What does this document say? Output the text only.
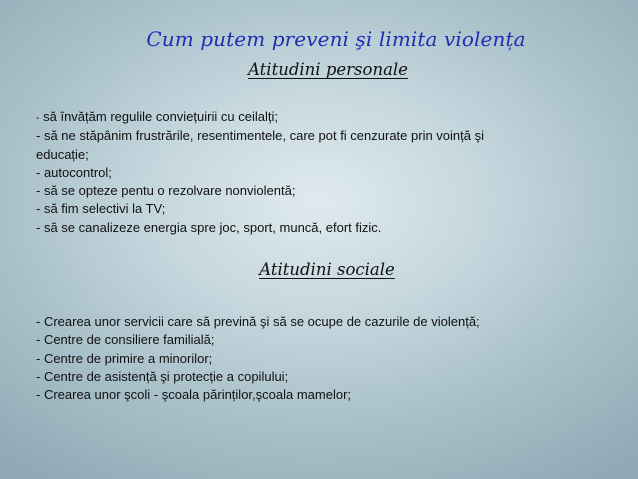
Cum putem preveni şi limita violența
Atitudini personale
- să învățăm regulile conviețuirii cu ceilalți;
- să ne stăpânim frustrările, resentimentele, care pot fi cenzurate prin voință şi
educație;
- autocontrol;
- să se opteze pentu o rezolvare nonviolentă;
- să fim selectivi la TV;
- să se canalizeze energia spre joc, sport, muncă, efort fizic.
Atitudini sociale
- Crearea unor servicii care să prevină şi să se ocupe de cazurile de violență;
- Centre de consiliere familială;
- Centre de primire a minorilor;
- Centre de asistență şi protecție a copilului;
- Crearea unor şcoli - şcoala părinților,şcoala mamelor;
